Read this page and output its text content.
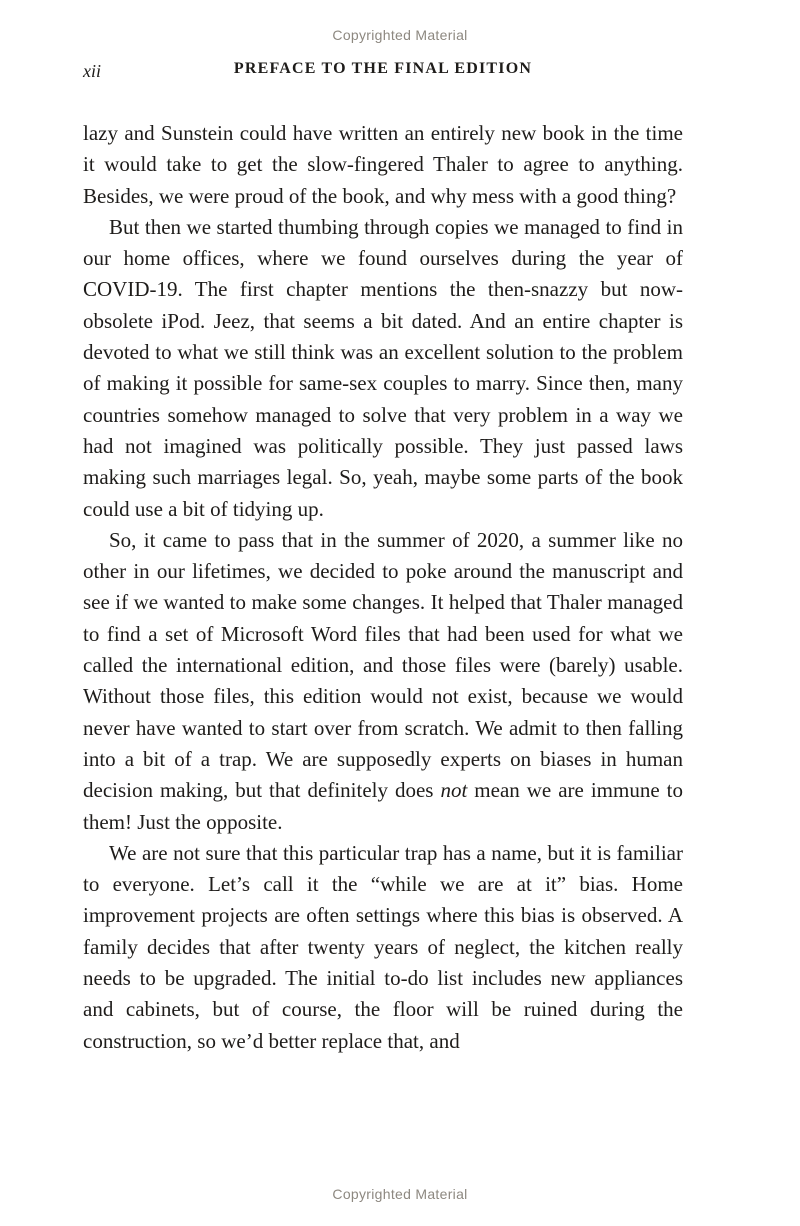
Copyrighted Material
xii	PREFACE TO THE FINAL EDITION

lazy and Sunstein could have written an entirely new book in the time it would take to get the slow-fingered Thaler to agree to anything. Besides, we were proud of the book, and why mess with a good thing?

But then we started thumbing through copies we managed to find in our home offices, where we found ourselves during the year of COVID-19. The first chapter mentions the then-snazzy but now-obsolete iPod. Jeez, that seems a bit dated. And an entire chapter is devoted to what we still think was an excellent solution to the problem of making it possible for same-sex couples to marry. Since then, many countries somehow managed to solve that very problem in a way we had not imagined was politically possible. They just passed laws making such marriages legal. So, yeah, maybe some parts of the book could use a bit of tidying up.

So, it came to pass that in the summer of 2020, a summer like no other in our lifetimes, we decided to poke around the manuscript and see if we wanted to make some changes. It helped that Thaler managed to find a set of Microsoft Word files that had been used for what we called the international edition, and those files were (barely) usable. Without those files, this edition would not exist, because we would never have wanted to start over from scratch. We admit to then falling into a bit of a trap. We are supposedly experts on biases in human decision making, but that definitely does not mean we are immune to them! Just the opposite.

We are not sure that this particular trap has a name, but it is familiar to everyone. Let’s call it the “while we are at it” bias. Home improvement projects are often settings where this bias is observed. A family decides that after twenty years of neglect, the kitchen really needs to be upgraded. The initial to-do list includes new appliances and cabinets, but of course, the floor will be ruined during the construction, so we’d better replace that, and

Copyrighted Material
